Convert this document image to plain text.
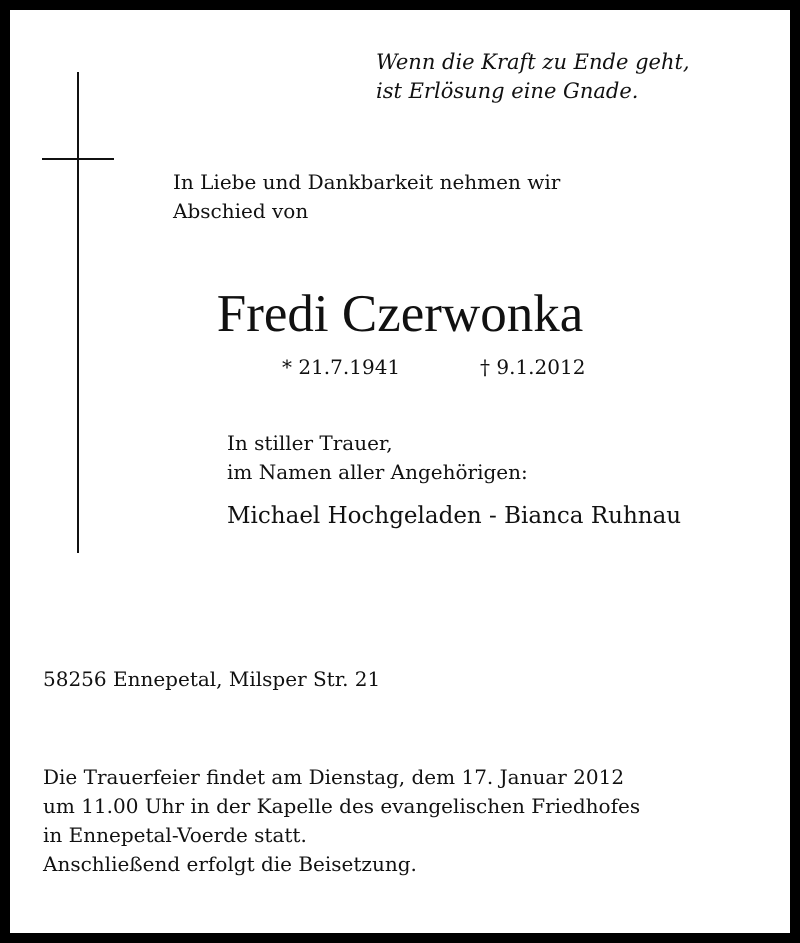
Wenn die Kraft zu Ende geht,
ist Erlösung eine Gnade.
In Liebe und Dankbarkeit nehmen wir
Abschied von
Fredi Czerwonka
* 21.7.1941	† 9.1.2012
In stiller Trauer,
im Namen aller Angehörigen:
Michael Hochgeladen - Bianca Ruhnau
58256 Ennepetal, Milsper Str. 21
Die Trauerfeier findet am Dienstag, dem 17. Januar 2012
um 11.00 Uhr in der Kapelle des evangelischen Friedhofes
in Ennepetal-Voerde statt.
Anschließend erfolgt die Beisetzung.
